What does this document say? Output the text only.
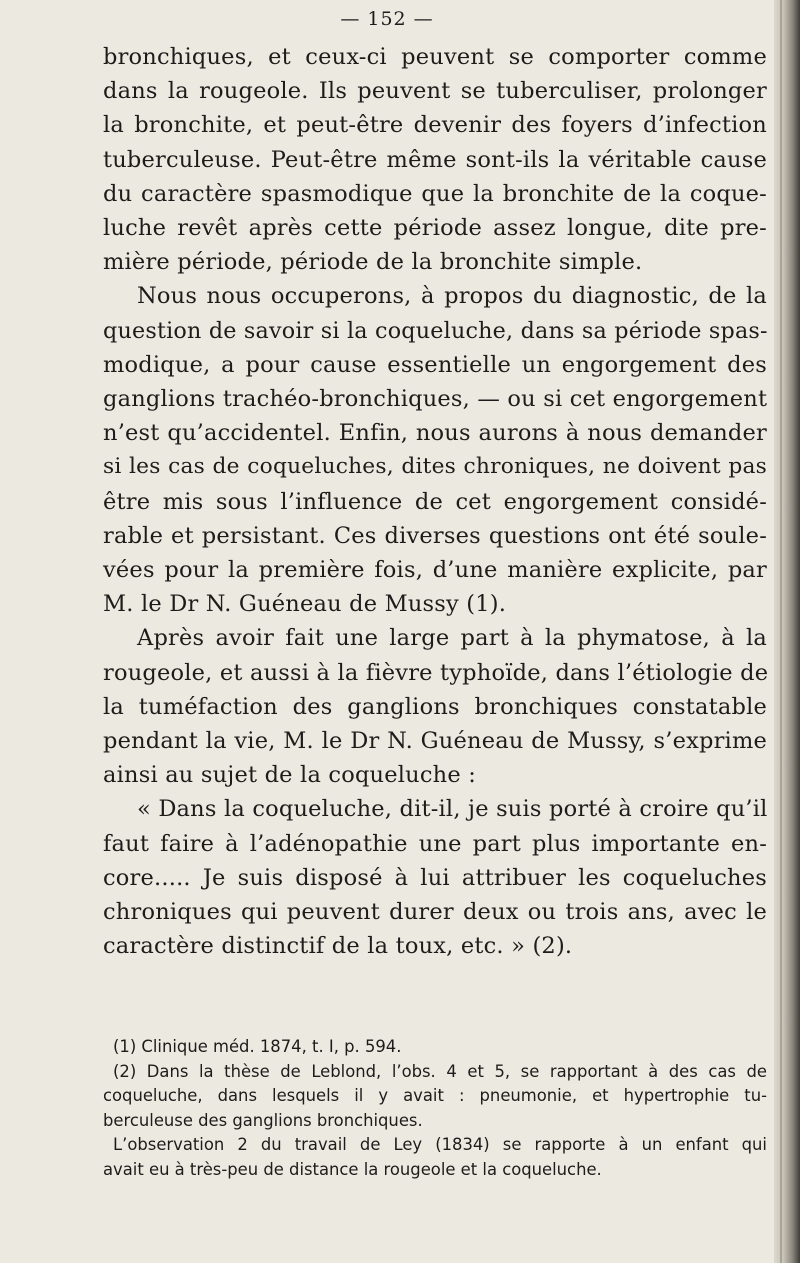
— 152 —
bronchiques, et ceux-ci peuvent se comporter comme
dans la rougeole. Ils peuvent se tuberculiser, prolonger
la bronchite, et peut-être devenir des foyers d’infection
tuberculeuse. Peut-être même sont-ils la véritable cause
du caractère spasmodique que la bronchite de la coque-
luche revêt après cette période assez longue, dite pre-
mière période, période de la bronchite simple.
Nous nous occuperons, à propos du diagnostic, de la
question de savoir si la coqueluche, dans sa période spas-
modique, a pour cause essentielle un engorgement des
ganglions trachéo-bronchiques, — ou si cet engorgement
n’est qu’accidentel. Enfin, nous aurons à nous demander
si les cas de coqueluches, dites chroniques, ne doivent pas
être mis sous l’influence de cet engorgement considé-
rable et persistant. Ces diverses questions ont été soule-
vées pour la première fois, d’une manière explicite, par
M. le Dr N. Guéneau de Mussy (1).
Après avoir fait une large part à la phymatose, à la
rougeole, et aussi à la fièvre typhoïde, dans l’étiologie de
la tuméfaction des ganglions bronchiques constatable
pendant la vie, M. le Dr N. Guéneau de Mussy, s’exprime
ainsi au sujet de la coqueluche :
« Dans la coqueluche, dit-il, je suis porté à croire qu’il
faut faire à l’adénopathie une part plus importante en-
core..... Je suis disposé à lui attribuer les coqueluches
chroniques qui peuvent durer deux ou trois ans, avec le
caractère distinctif de la toux, etc. » (2).
(1) Clinique méd. 1874, t. I, p. 594.
(2) Dans la thèse de Leblond, l’obs. 4 et 5, se rapportant à des cas de
coqueluche, dans lesquels il y avait : pneumonie, et hypertrophie tu-
berculeuse des ganglions bronchiques.
L’observation 2 du travail de Ley (1834) se rapporte à un enfant qui
avait eu à très-peu de distance la rougeole et la coqueluche.
